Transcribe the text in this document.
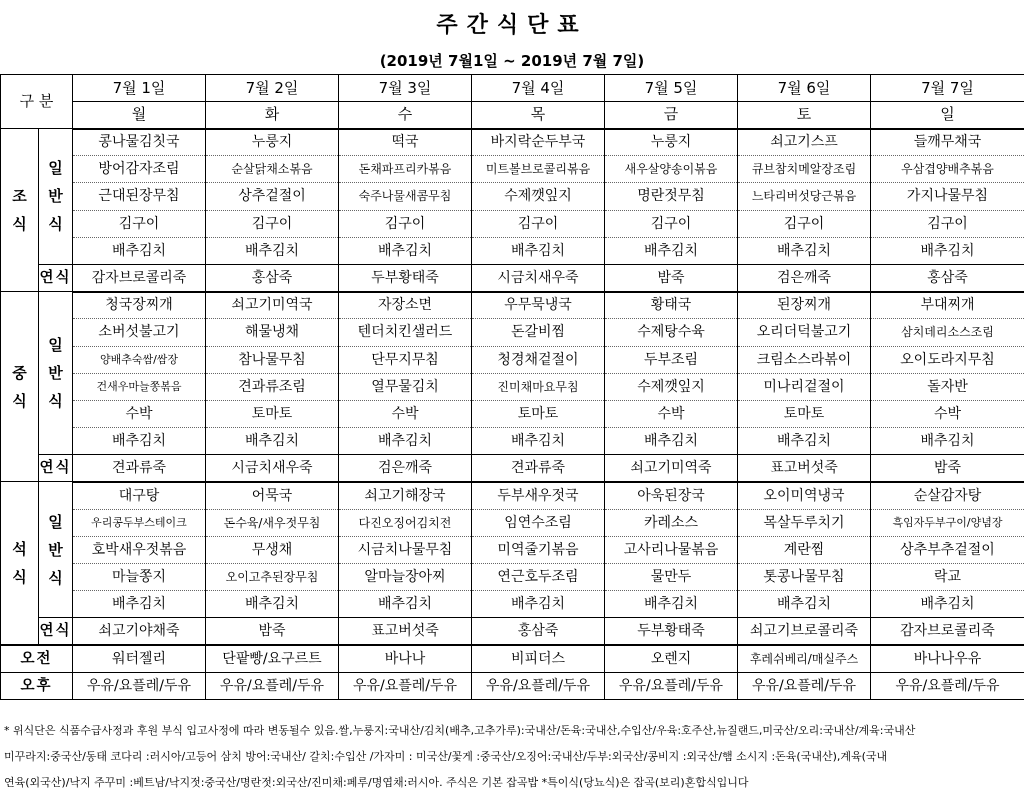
주간식단표
(2019년 7월1일 ~ 2019년 7월 7일)
구 분		7월 1일	7월 2일	7월 3일	7월 4일	7월 5일	7월 6일	7월 7일
		월	화	수	목	금	토	일

조
식	일
반
식	콩나물김칫국	누룽지	떡국	바지락순두부국	누룽지	쇠고기스프	들깨무채국
		방어감자조림	순살닭채소볶음	돈채파프리카볶음	미트볼브로콜리볶음	새우살양송이볶음	큐브참치메알장조림	우삼겹양배추볶음
		근대된장무침	상추겉절이	숙주나물새콤무침	수제깻잎지	명란젓무침	느타리버섯당근볶음	가지나물무침
		김구이	김구이	김구이	김구이	김구이	김구이	김구이
		배추김치	배추김치	배추김치	배추김치	배추김치	배추김치	배추김치
	연식	감자브로콜리죽	홍삼죽	두부황태죽	시금치새우죽	밤죽	검은깨죽	홍삼죽

중
식	일
반
식	청국장찌개	쇠고기미역국	자장소면	우무묵냉국	황태국	된장찌개	부대찌개
		소버섯불고기	해물냉채	텐더치킨샐러드	돈갈비찜	수제탕수육	오리더덕불고기	삼치데리소스조림
		양배추숙쌈/쌈장	참나물무침	단무지무침	청경채겉절이	두부조림	크림소스라볶이	오이도라지무침
		건새우마늘쫑볶음	견과류조림	열무물김치	진미채마요무침	수제깻잎지	미나리겉절이	돌자반
		수박	토마토	수박	토마토	수박	토마토	수박
		배추김치	배추김치	배추김치	배추김치	배추김치	배추김치	배추김치
	연식	견과류죽	시금치새우죽	검은깨죽	견과류죽	쇠고기미역죽	표고버섯죽	밤죽

석
식	일
반
식	대구탕	어묵국	쇠고기해장국	두부새우젓국	아욱된장국	오이미역냉국	순살감자탕
		우리콩두부스테이크	돈수육/새우젓무침	다진오징어김치전	임연수조림	카레소스	목살두루치기	흑임자두부구이/양념장
		호박새우젓볶음	무생채	시금치나물무침	미역줄기볶음	고사리나물볶음	계란찜	상추부추겉절이
		마늘쫑지	오이고추된장무침	알마늘장아찌	연근호두조림	물만두	톳콩나물무침	락교
		배추김치	배추김치	배추김치	배추김치	배추김치	배추김치	배추김치
	연식	쇠고기야채죽	밤죽	표고버섯죽	홍삼죽	두부황태죽	쇠고기브로콜리죽	감자브로콜리죽
오전		워터젤리	단팥빵/요구르트	바나나	비피더스	오렌지	후레쉬베리/매실주스	바나나우유
오후		우유/요플레/두유	우유/요플레/두유	우유/요플레/두유	우유/요플레/두유	우유/요플레/두유	우유/요플레/두유	우유/요플레/두유
* 위식단은 식품수급사정과 후원 부식 입고사정에 따라 변동될수 있음.쌀,누룽지:국내산/김치(배추,고추가루):국내산/돈육:국내산,수입산/우육:호주산,뉴질랜드,미국산/오리:국내산/계육:국내산
미꾸라지:중국산/동태 코다리 :러시아/고등어 삼치 방어:국내산/ 갈치:수입산 /가자미 : 미국산/꽃게 :중국산/오징어:국내산/두부:외국산/콩비지 :외국산/햄 소시지 :돈육(국내산),계육(국내
연육(외국산)/낙지 주꾸미 :베트남/낙지젓:중국산/명란젓:외국산/진미채:페루/명엽채:러시아. 주식은 기본 잡곡밥 *특이식(당뇨식)은 잡곡(보리)혼합식입니다
